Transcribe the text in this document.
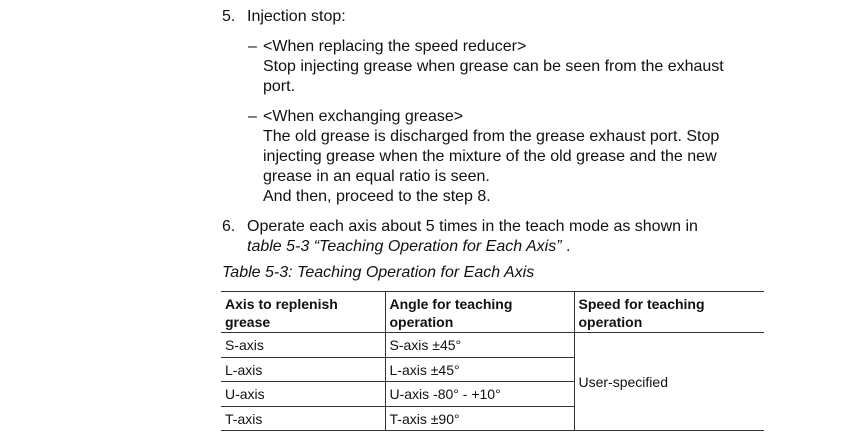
5. Injection stop:
– <When replacing the speed reducer>
Stop injecting grease when grease can be seen from the exhaust
port.
– <When exchanging grease>
The old grease is discharged from the grease exhaust port. Stop
injecting grease when the mixture of the old grease and the new
grease in an equal ratio is seen.
And then, proceed to the step 8.
6. Operate each axis about 5 times in the teach mode as shown in
table 5-3 “Teaching Operation for Each Axis” .
Table 5-3: Teaching Operation for Each Axis
Axis to replenish
grease	Angle for teaching
operation	Speed for teaching
operation
S-axis	S-axis ±45°	User-specified
L-axis	L-axis ±45°	
U-axis	U-axis -80° - +10°	
T-axis	T-axis ±90°	
